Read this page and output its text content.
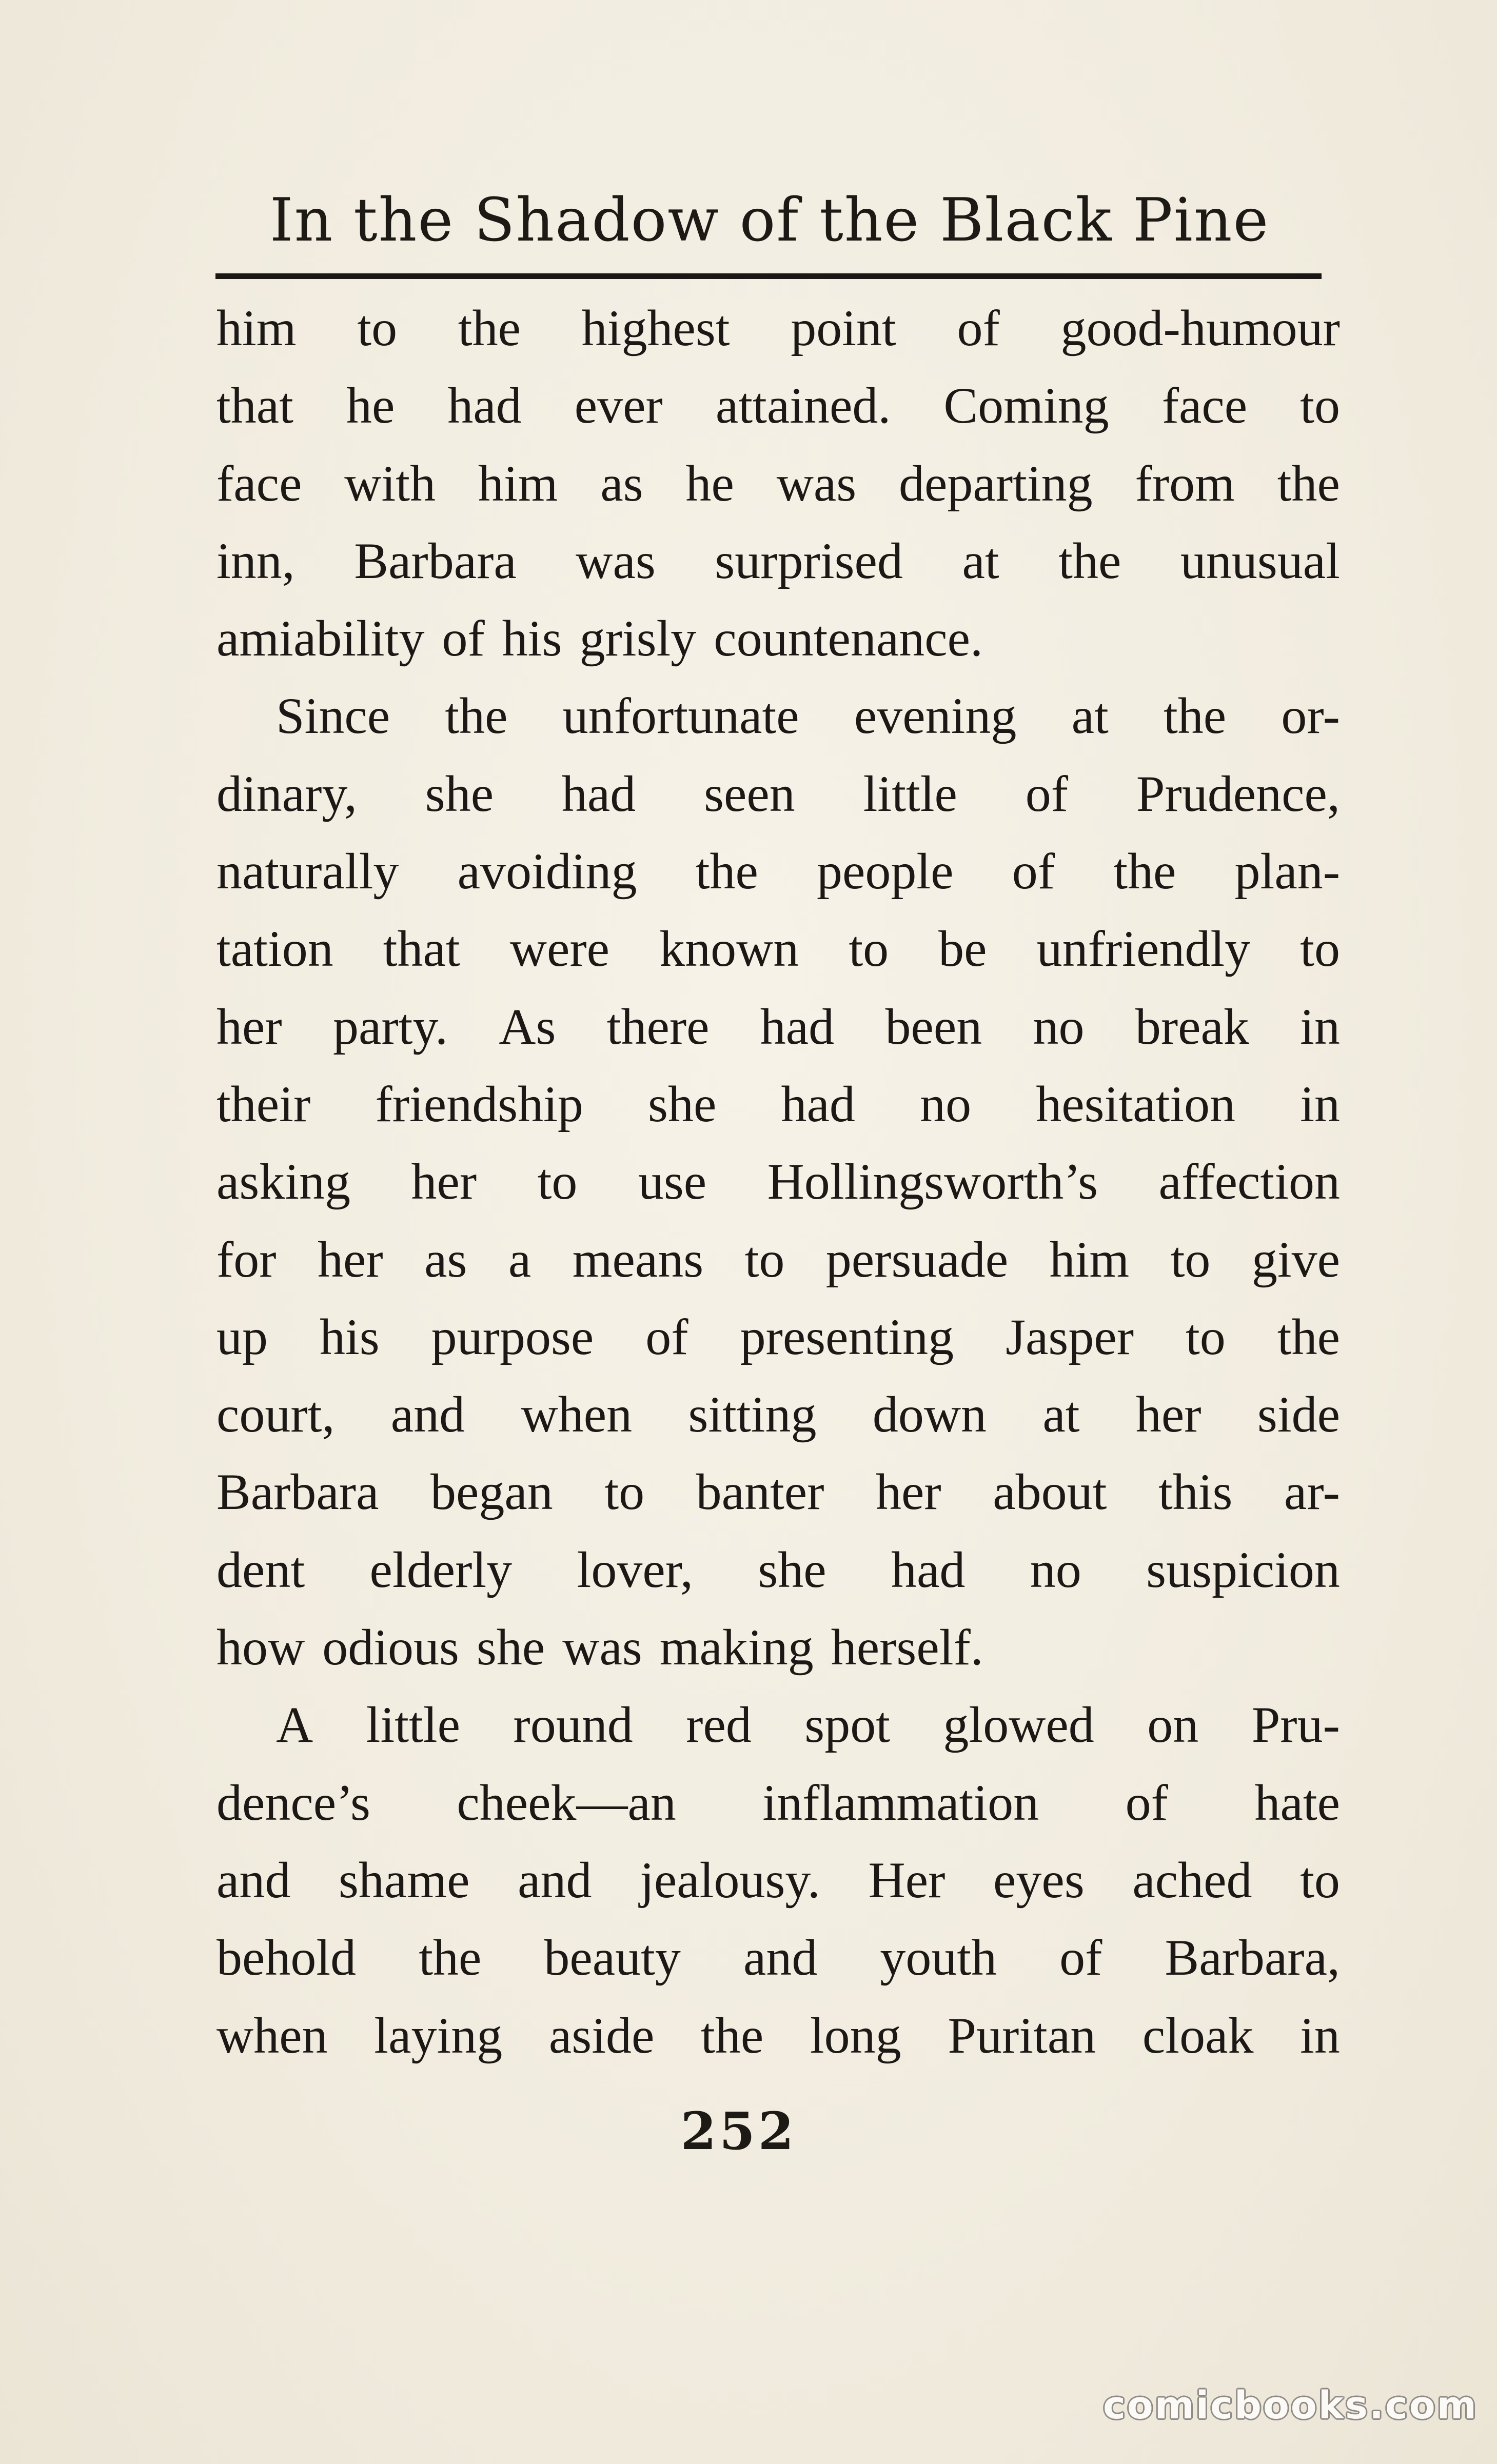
In the Shadow of the Black Pine
him to the highest point of good-humour
that he had ever attained. Coming face to
face with him as he was departing from the
inn, Barbara was surprised at the unusual
amiability of his grisly countenance.
Since the unfortunate evening at the or-
dinary, she had seen little of Prudence,
naturally avoiding the people of the plan-
tation that were known to be unfriendly to
her party. As there had been no break in
their friendship she had no hesitation in
asking her to use Hollingsworth’s affection
for her as a means to persuade him to give
up his purpose of presenting Jasper to the
court, and when sitting down at her side
Barbara began to banter her about this ar-
dent elderly lover, she had no suspicion
how odious she was making herself.
A little round red spot glowed on Pru-
dence’s cheek—an inflammation of hate
and shame and jealousy. Her eyes ached to
behold the beauty and youth of Barbara,
when laying aside the long Puritan cloak in
252
comicbooks.com
